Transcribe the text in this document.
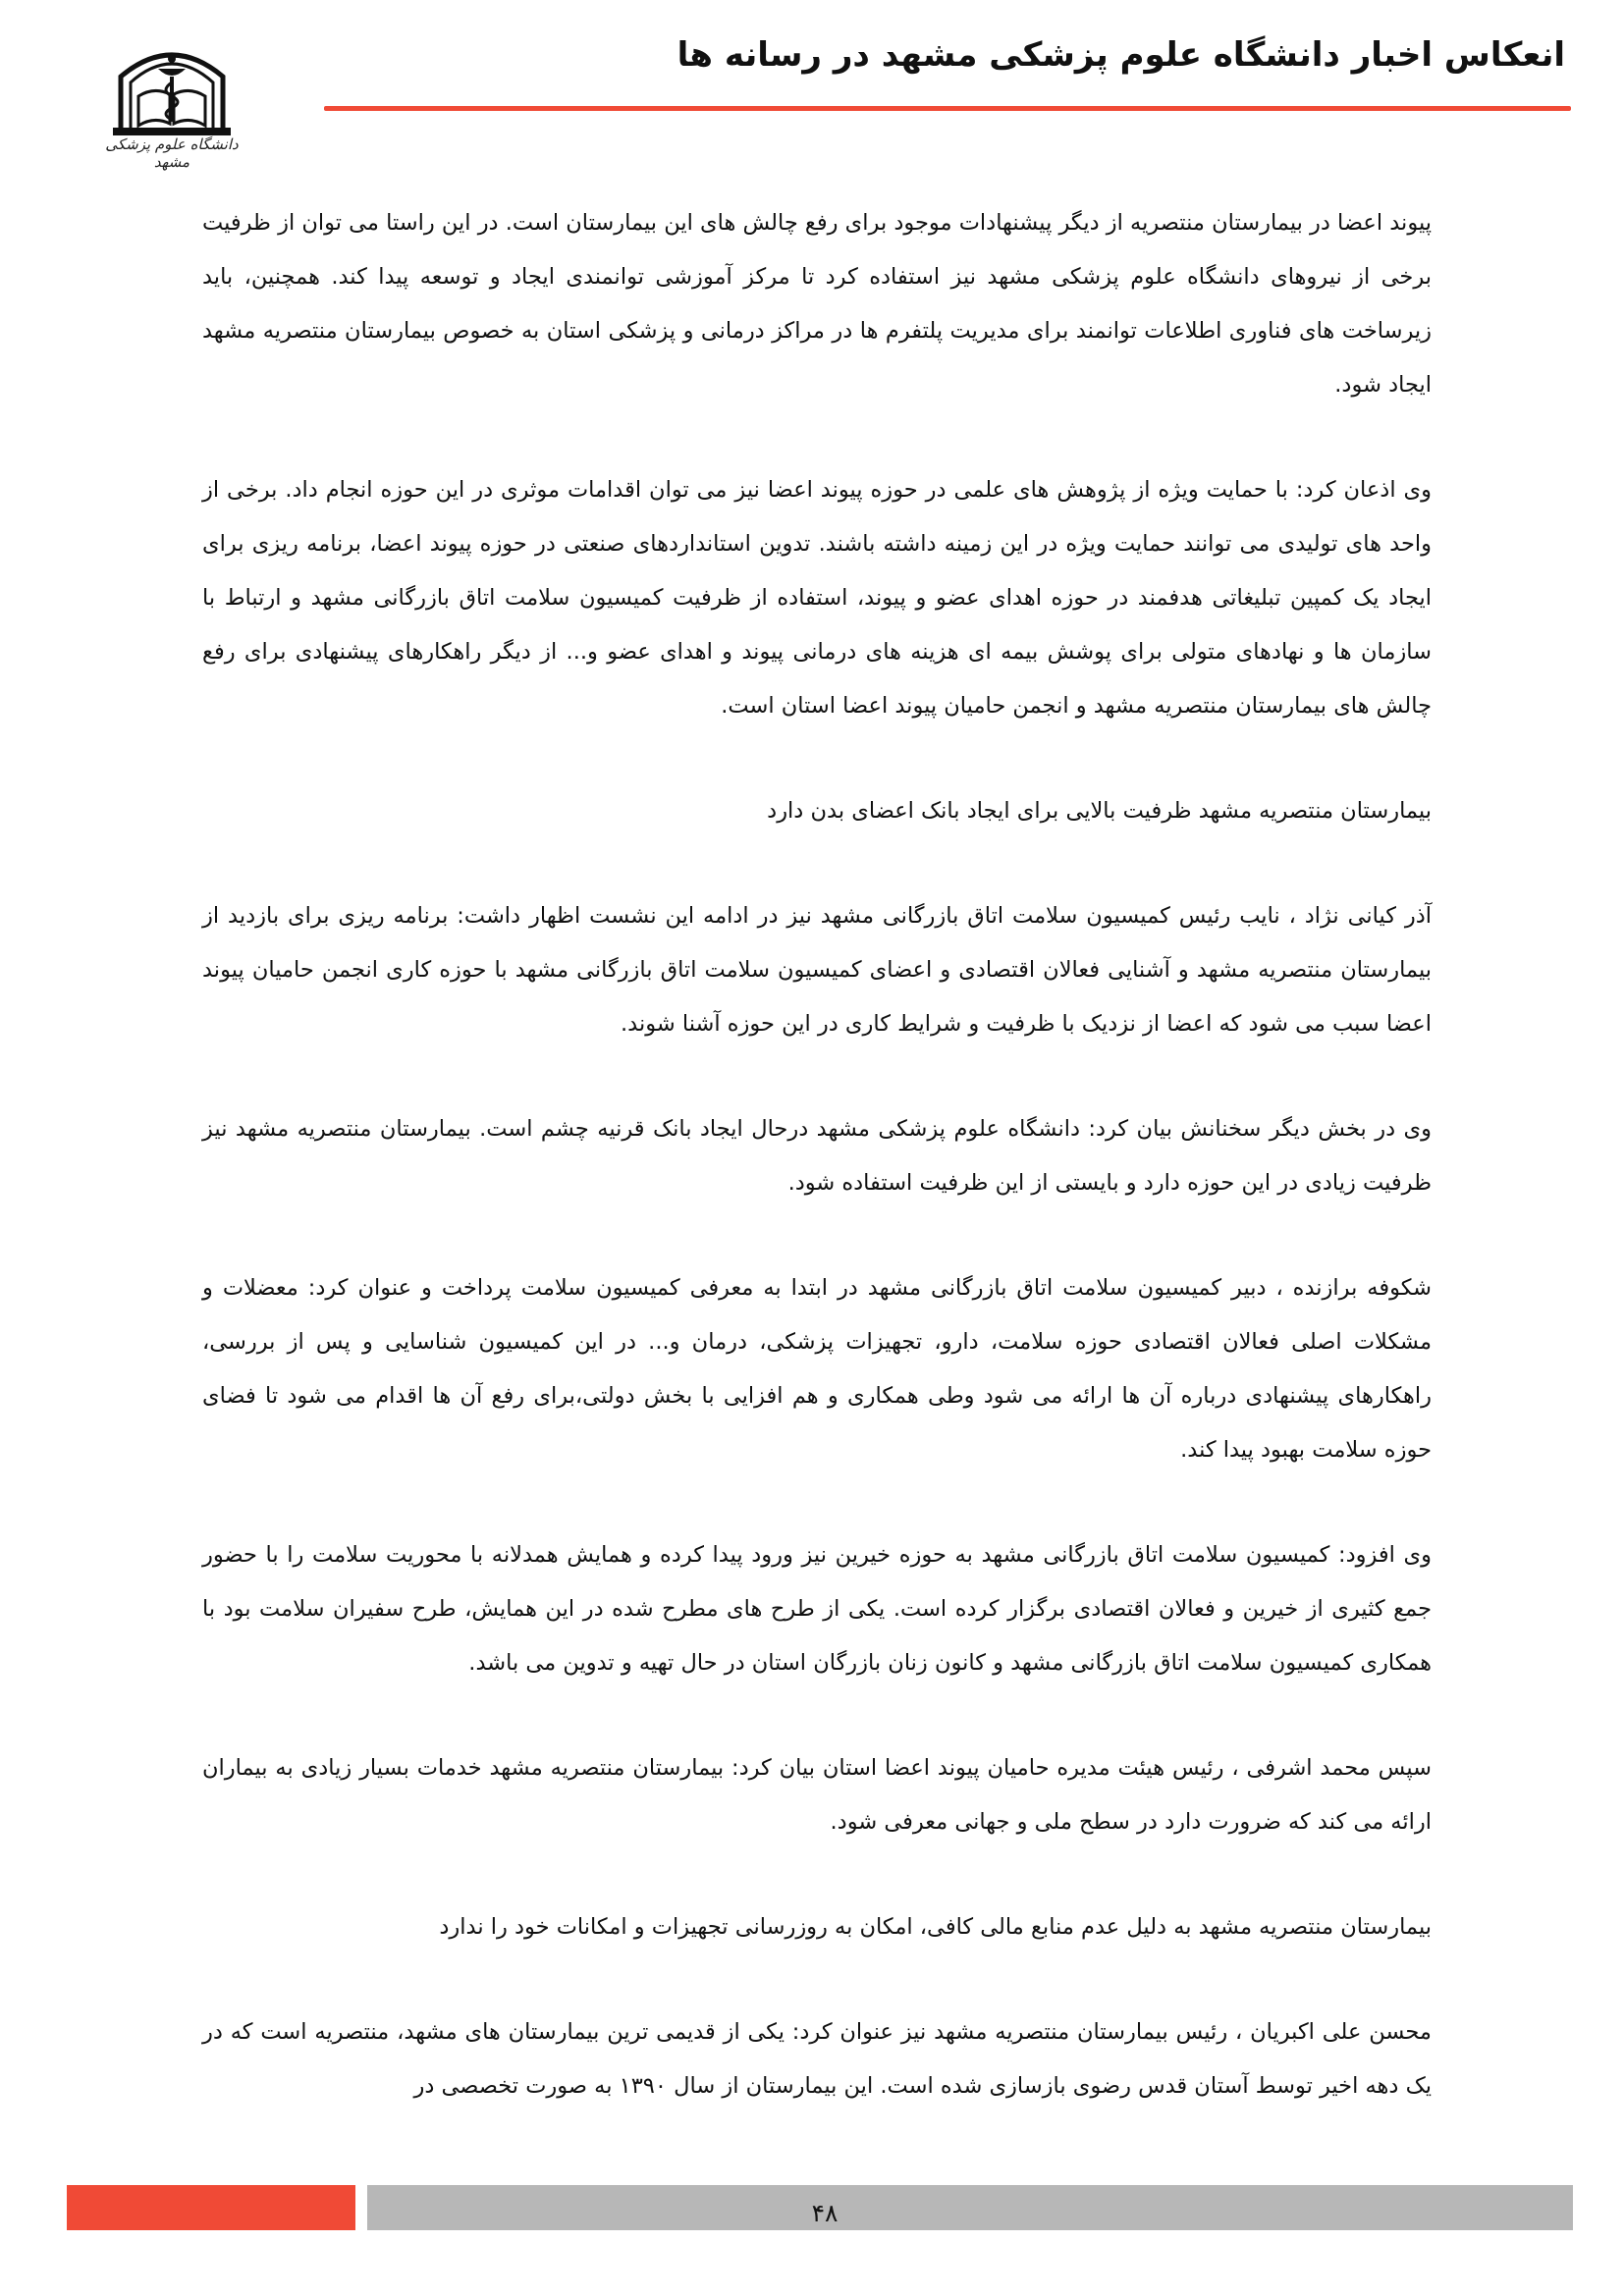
انعکاس اخبار دانشگاه علوم پزشکی مشهد در رسانه ها
دانشگاه علوم پزشکی مشهد

پیوند اعضا در بیمارستان منتصریه از دیگر پیشنهادات موجود برای رفع چالش های این بیمارستان است. در این راستا می توان از ظرفیت برخی از نیروهای دانشگاه علوم پزشکی مشهد نیز استفاده کرد تا مرکز آموزشی توانمندی ایجاد و توسعه پیدا کند. همچنین، باید زیرساخت های فناوری اطلاعات توانمند برای مدیریت پلتفرم ها در مراکز درمانی و پزشکی استان به خصوص بیمارستان منتصریه مشهد ایجاد شود.

وی اذعان کرد: با حمایت ویژه از پژوهش های علمی در حوزه پیوند اعضا نیز می توان اقدامات موثری در این حوزه انجام داد. برخی از واحد های تولیدی می توانند حمایت ویژه در این زمینه داشته باشند. تدوین استانداردهای صنعتی در حوزه پیوند اعضا، برنامه ریزی برای ایجاد یک کمپین تبلیغاتی هدفمند در حوزه اهدای عضو و پیوند، استفاده از ظرفیت کمیسیون سلامت اتاق بازرگانی مشهد و ارتباط با سازمان ها و نهادهای متولی برای پوشش بیمه ای هزینه های درمانی پیوند و اهدای عضو و... از دیگر راهکارهای پیشنهادی برای رفع چالش های بیمارستان منتصریه مشهد و انجمن حامیان پیوند اعضا استان است.

بیمارستان منتصریه مشهد ظرفیت بالایی برای ایجاد بانک اعضای بدن دارد

آذر کیانی نژاد ، نایب رئیس کمیسیون سلامت اتاق بازرگانی مشهد نیز در ادامه این نشست اظهار داشت: برنامه ریزی برای بازدید از بیمارستان منتصریه مشهد و آشنایی فعالان اقتصادی و اعضای کمیسیون سلامت اتاق بازرگانی مشهد با حوزه کاری انجمن حامیان پیوند اعضا سبب می شود که اعضا از نزدیک با ظرفیت و شرایط کاری در این حوزه آشنا شوند.

وی در بخش دیگر سخنانش بیان کرد: دانشگاه علوم پزشکی مشهد درحال ایجاد بانک قرنیه چشم است. بیمارستان منتصریه مشهد نیز ظرفیت زیادی در این حوزه دارد و بایستی از این ظرفیت استفاده شود.

شکوفه برازنده ، دبیر کمیسیون سلامت اتاق بازرگانی مشهد در ابتدا به معرفی کمیسیون سلامت پرداخت و عنوان کرد: معضلات و مشکلات اصلی فعالان اقتصادی حوزه سلامت، دارو، تجهیزات پزشکی، درمان و... در این کمیسیون شناسایی و پس از بررسی، راهکارهای پیشنهادی درباره آن ها ارائه می شود وطی همکاری و هم افزایی با بخش دولتی،برای رفع آن ها اقدام می شود تا فضای حوزه سلامت بهبود پیدا کند.

وی افزود: کمیسیون سلامت اتاق بازرگانی مشهد به حوزه خیرین نیز ورود پیدا کرده و همایش همدلانه با محوریت سلامت را با حضور جمع کثیری از خیرین و فعالان اقتصادی برگزار کرده است. یکی از طرح های مطرح شده در این همایش، طرح سفیران سلامت بود با همکاری کمیسیون سلامت اتاق بازرگانی مشهد و کانون زنان بازرگان استان در حال تهیه و تدوین می باشد.

سپس محمد اشرفی ، رئیس هیئت مدیره حامیان پیوند اعضا استان بیان کرد: بیمارستان منتصریه مشهد خدمات بسیار زیادی به بیماران ارائه می کند که ضرورت دارد در سطح ملی و جهانی معرفی شود.

بیمارستان منتصریه مشهد به دلیل عدم منابع مالی کافی، امکان به روزرسانی تجهیزات و امکانات خود را ندارد

محسن علی اکبریان ، رئیس بیمارستان منتصریه مشهد نیز عنوان کرد: یکی از قدیمی ترین بیمارستان های مشهد، منتصریه است که در یک دهه اخیر توسط آستان قدس رضوی بازسازی شده است. این بیمارستان از سال ۱۳۹۰ به صورت تخصصی در

۴۸
